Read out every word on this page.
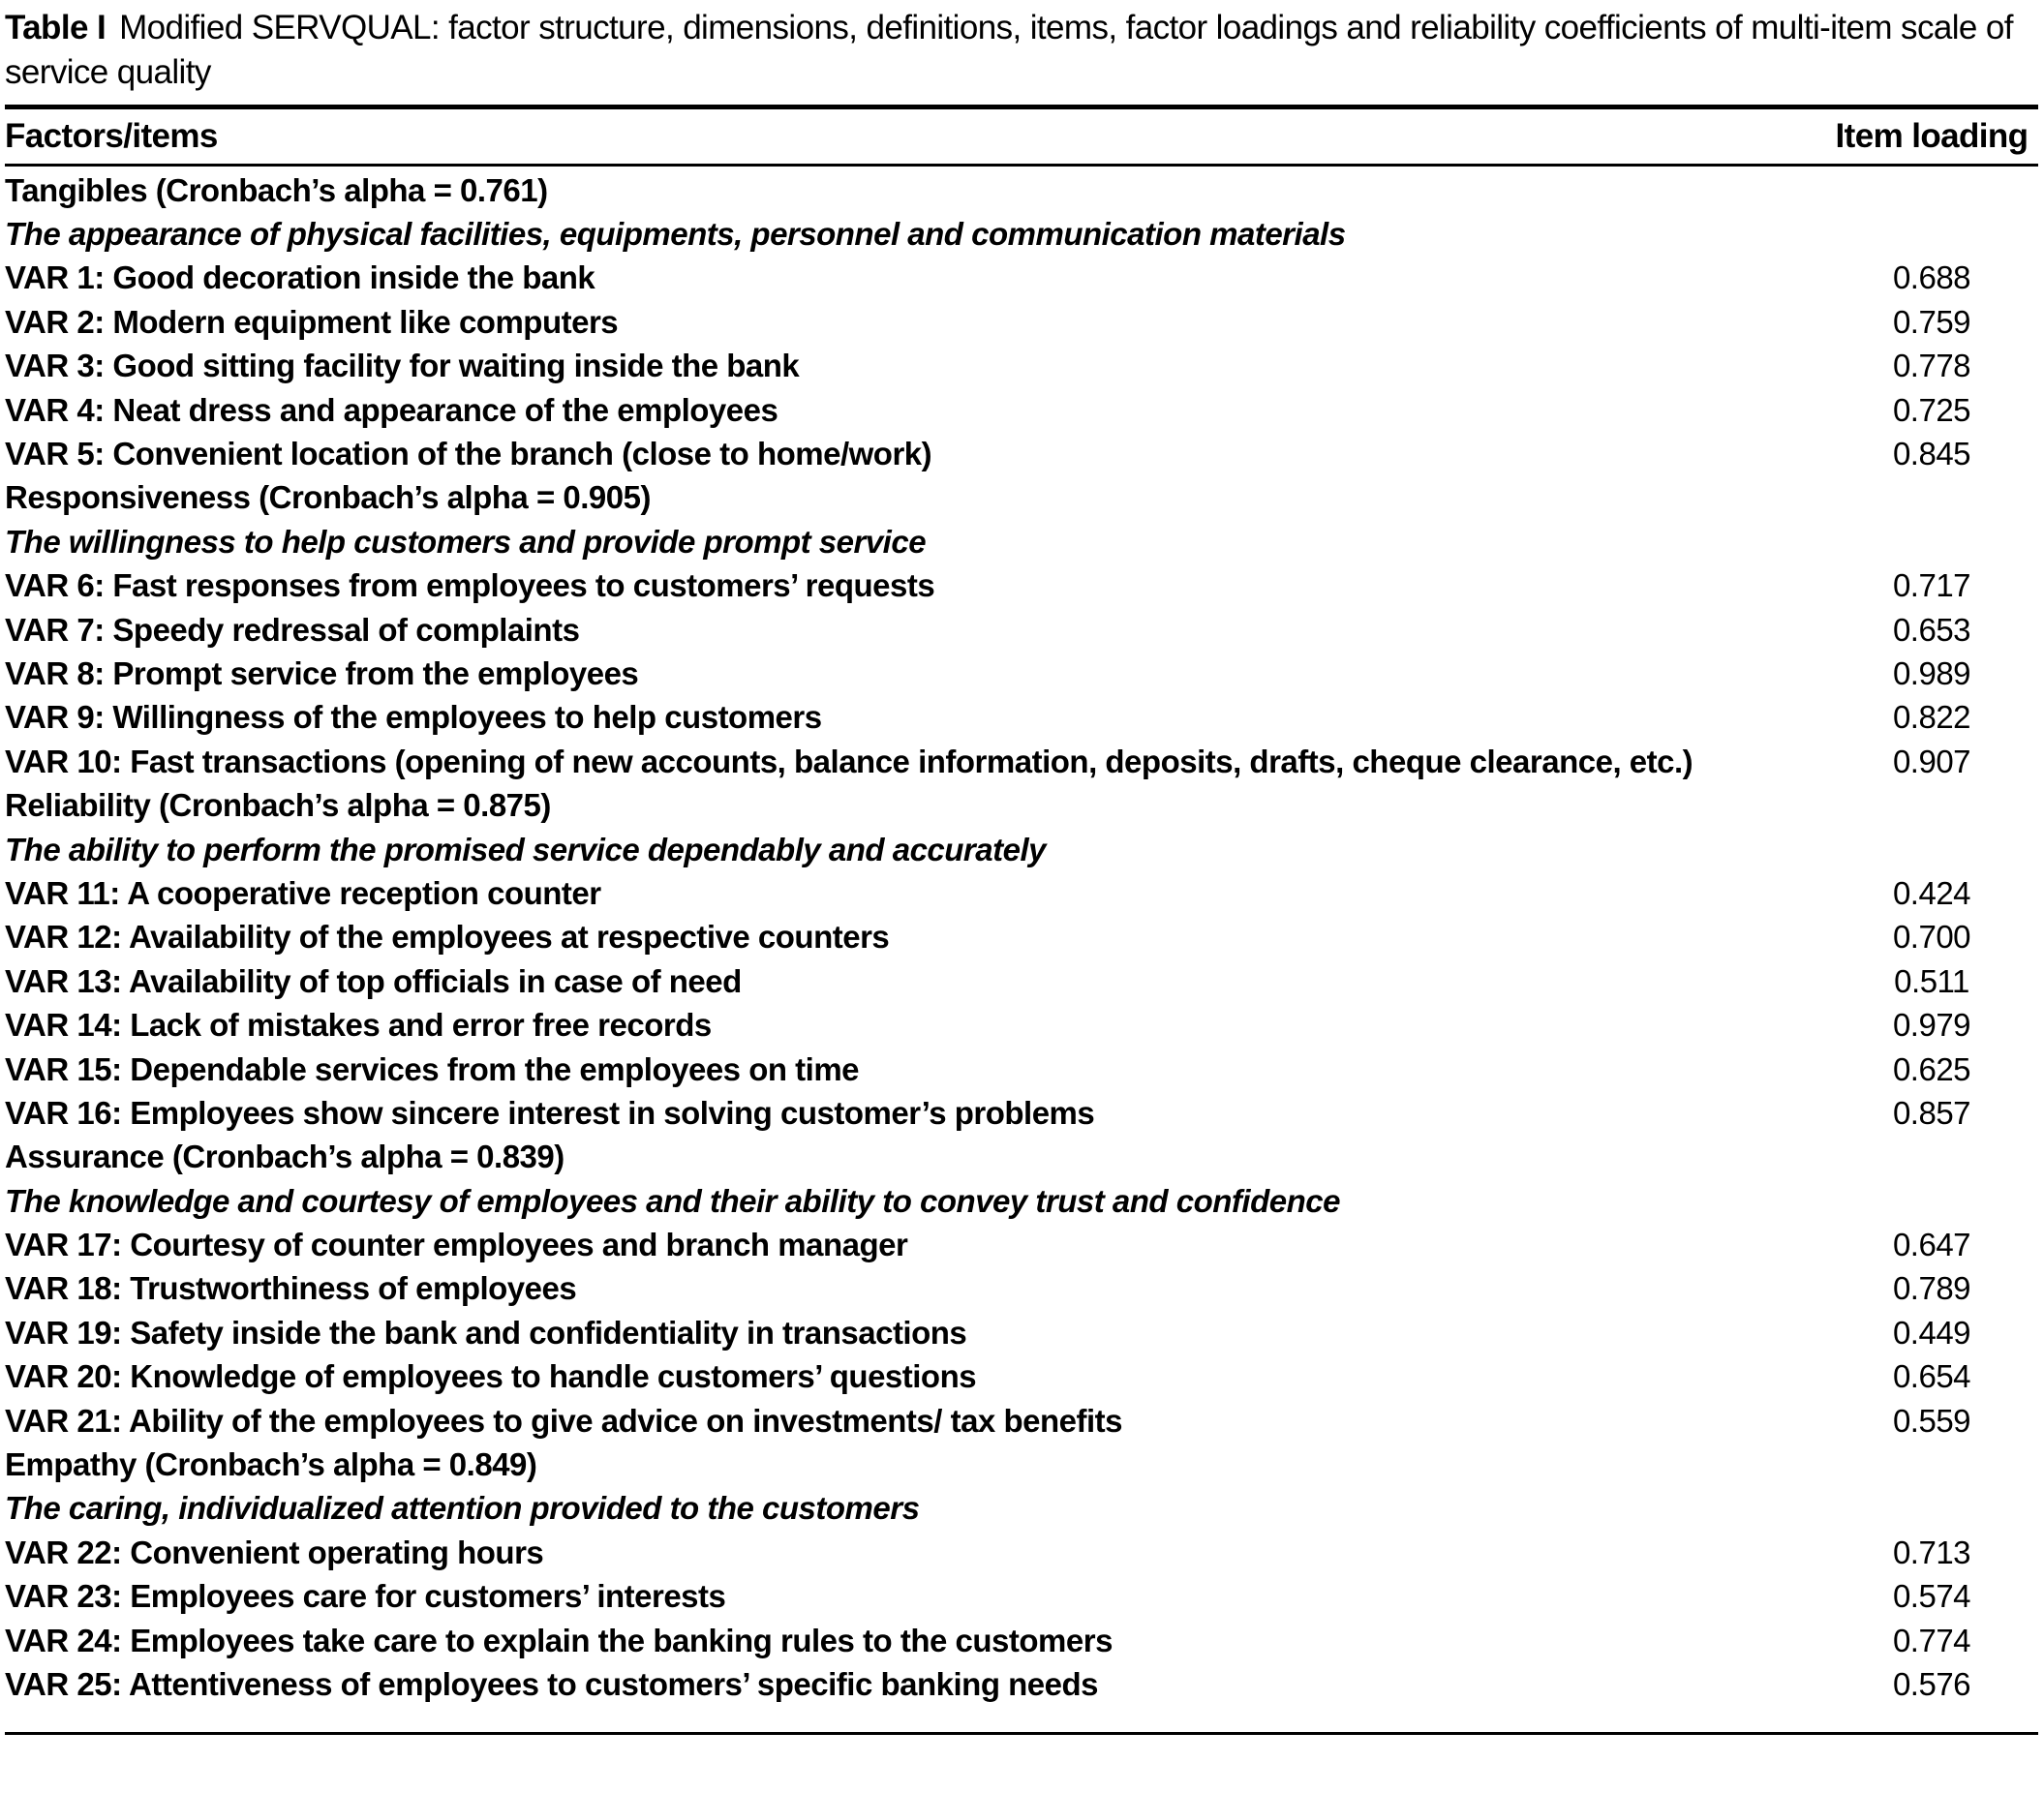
Table I Modified SERVQUAL: factor structure, dimensions, definitions, items, factor loadings and reliability coefficients of multi-item scale of service quality
Factors/items	Item loading
Tangibles (Cronbach’s alpha = 0.761)
The appearance of physical facilities, equipments, personnel and communication materials
VAR 1: Good decoration inside the bank	0.688
VAR 2: Modern equipment like computers	0.759
VAR 3: Good sitting facility for waiting inside the bank	0.778
VAR 4: Neat dress and appearance of the employees	0.725
VAR 5: Convenient location of the branch (close to home/work)	0.845
Responsiveness (Cronbach’s alpha = 0.905)
The willingness to help customers and provide prompt service
VAR 6: Fast responses from employees to customers’ requests	0.717
VAR 7: Speedy redressal of complaints	0.653
VAR 8: Prompt service from the employees	0.989
VAR 9: Willingness of the employees to help customers	0.822
VAR 10: Fast transactions (opening of new accounts, balance information, deposits, drafts, cheque clearance, etc.)	0.907
Reliability (Cronbach’s alpha = 0.875)
The ability to perform the promised service dependably and accurately
VAR 11: A cooperative reception counter	0.424
VAR 12: Availability of the employees at respective counters	0.700
VAR 13: Availability of top officials in case of need	0.511
VAR 14: Lack of mistakes and error free records	0.979
VAR 15: Dependable services from the employees on time	0.625
VAR 16: Employees show sincere interest in solving customer’s problems	0.857
Assurance (Cronbach’s alpha = 0.839)
The knowledge and courtesy of employees and their ability to convey trust and confidence
VAR 17: Courtesy of counter employees and branch manager	0.647
VAR 18: Trustworthiness of employees	0.789
VAR 19: Safety inside the bank and confidentiality in transactions	0.449
VAR 20: Knowledge of employees to handle customers’ questions	0.654
VAR 21: Ability of the employees to give advice on investments/ tax benefits	0.559
Empathy (Cronbach’s alpha = 0.849)
The caring, individualized attention provided to the customers
VAR 22: Convenient operating hours	0.713
VAR 23: Employees care for customers’ interests	0.574
VAR 24: Employees take care to explain the banking rules to the customers	0.774
VAR 25: Attentiveness of employees to customers’ specific banking needs	0.576
